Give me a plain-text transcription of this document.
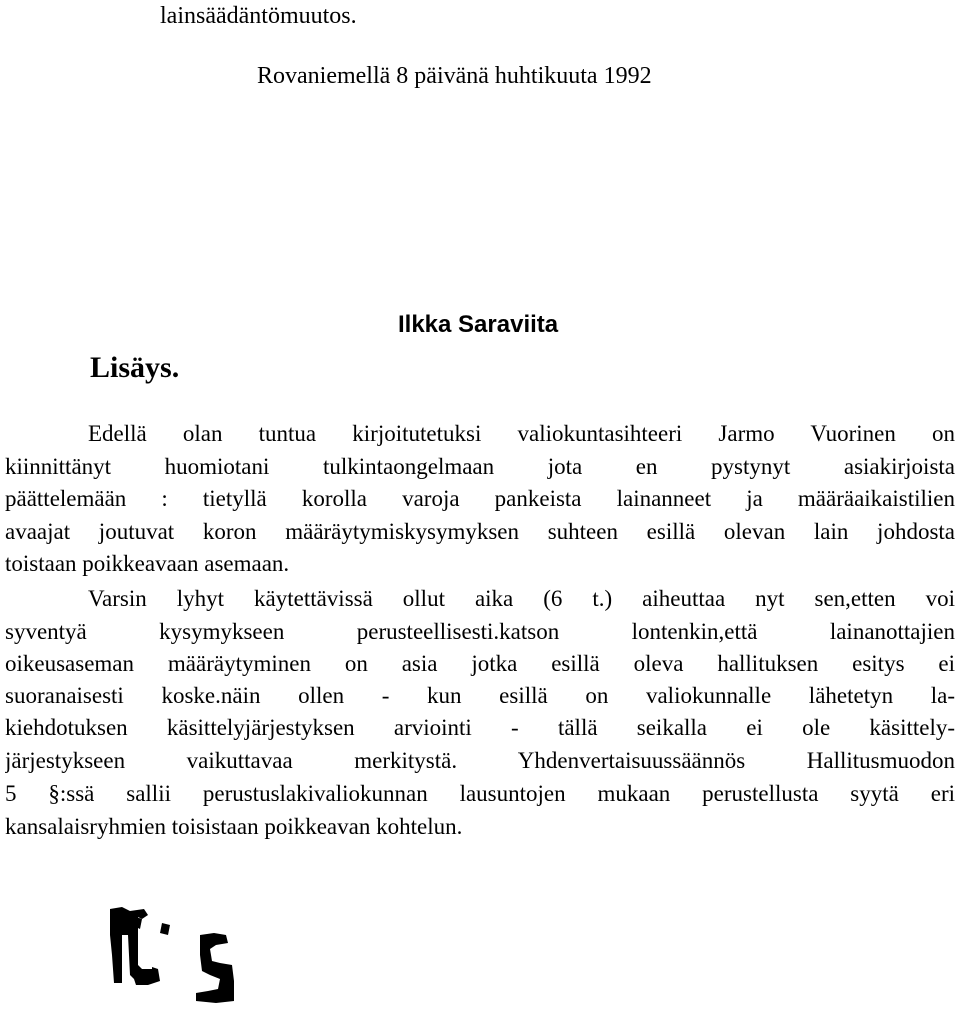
lainsäädäntömuutos.
Rovaniemellä 8 päivänä huhtikuuta 1992
Ilkka Saraviita
Lisäys.
Edellä olan tuntua kirjoitutetuksi valiokuntasihteeri Jarmo Vuorinen on
kiinnittänyt huomiotani tulkintaongelmaan jota en pystynyt asiakirjoista
päättelemään : tietyllä korolla varoja pankeista lainanneet ja määräaikaistilien
avaajat joutuvat koron määräytymiskysymyksen suhteen esillä olevan lain johdosta
toistaan poikkeavaan asemaan.
Varsin lyhyt käytettävissä ollut aika (6 t.) aiheuttaa nyt sen,etten voi
syventyä kysymykseen perusteellisesti.katson lontenkin,että lainanottajien
oikeusaseman määräytyminen on asia jotka esillä oleva hallituksen esitys ei
suoranaisesti koske.näin ollen - kun esillä on valiokunnalle lähetetyn la-
kiehdotuksen käsittelyjärjestyksen arviointi - tällä seikalla ei ole käsittely-
järjestykseen vaikuttavaa merkitystä. Yhdenvertaisuussäännös Hallitusmuodon
5 §:ssä sallii perustuslakivaliokunnan lausuntojen mukaan perustellusta syytä eri
kansalaisryhmien toisistaan poikkeavan kohtelun.
